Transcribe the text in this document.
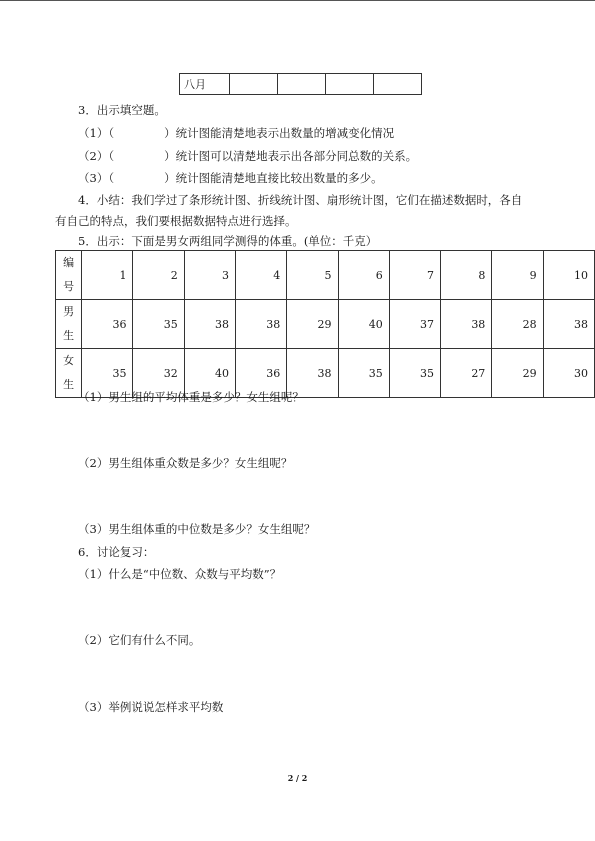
八月				
3．出示填空题。
（1）（	）统计图能清楚地表示出数量的增减变化情况
（2）（	）统计图可以清楚地表示出各部分同总数的关系。
（3）（	）统计图能清楚地直接比较出数量的多少。
4．小结：我们学过了条形统计图、折线统计图、扇形统计图，它们在描述数据时，各自
有自己的特点，我们要根据数据特点进行选择。
5．出示：下面是男女两组同学测得的体重。(单位：千克）
编
号	1	2	3	4	5	6	7	8	9	10
男
生	36	35	38	38	29	40	37	38	28	38
女
生	35	32	40	36	38	35	35	27	29	30
（1）男生组的平均体重是多少？女生组呢？
（2）男生组体重众数是多少？女生组呢？
（3）男生组体重的中位数是多少？女生组呢？
6．讨论复习：
（1）什么是“中位数、众数与平均数”？
（2）它们有什么不同。
（3）举例说说怎样求平均数
2 / 2
